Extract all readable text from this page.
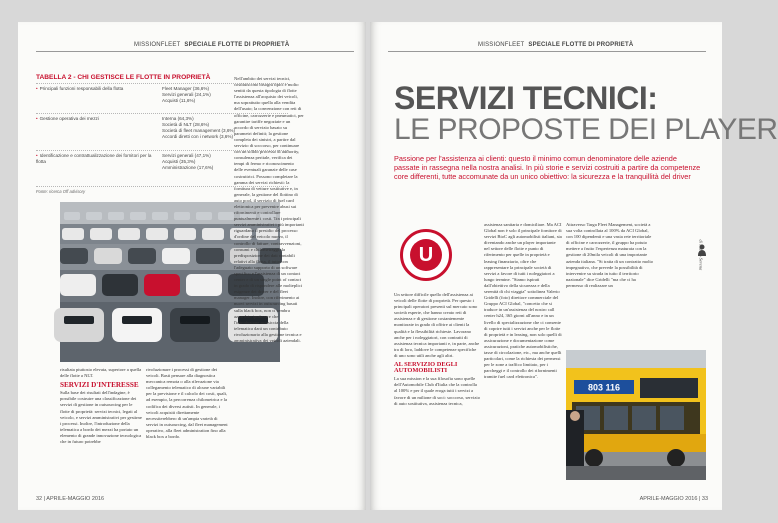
MISSIONFLEET SPECIALE FLOTTE DI PROPRIETÀ
TABELLA 2 - CHI GESTISCE LE FLOTTE IN PROPRIETÀ
• Principali funzioni responsabili della flotta	Fleet Manager (36,6%)
Servizi generali (24,1%)
Acquisti (11,6%)
• Gestione operativa dei mezzi	Interna (64,3%)
Società di NLT (28,6%)
Società di fleet management (3,6%)
Accordi diretti con i network (3,6%)
• Identificazione e contrattualizzazione dei fornitori per la flotta
Servizi generali (47,1%)
Acquisti (35,3%)
Amministrazione (17,6%)
Fonte: ricerca Off advisory

Nell'ambito dei servizi tecnici, costituiscono bisogni tipici e molto sentiti da questa tipologia di flotte l'assistenza all'acquisto dei veicoli, ma soprattutto quella alla vendita dell'usato; la convenzione con reti di officine, carrozzerie e pneumatici, per garantire tariffe negoziate e un accordo di servizio basato su parametri definiti; la gestione completa dei sinistri, a partire dal servizio di soccorso, per continuare con un solido processo di authority, consulenza peritale, verifica dei tempi di fermo e riconoscimento delle eventuali garanzie delle case costruttrici. Possono completare la gamma dei servizi richiesti: la fornitura di vetture sostitutive e, in generale, la gestione del flottino di auto pool, il servizio di fuel card elettronica per prevenire abusi sui rifornimenti e controllare puntualmente i costi. Tra i principali servizi amministrativi i più importanti riguardano il presidio del processo d'ordine del veicolo nuovo, il controllo di fatture, contravvenzioni, consumi e chilometraggi, la predisposizione dei dati contabili relativi alla flotta, il tutto con l'adeguato supporto di un software specifico e l'assistenza di un contact center e di un single point of contact in grado di rispondere alle molteplici esigenze dei driver e del fleet manager. Inoltre, con riferimento ai nuovi servizi in outsourcing basati sulla black box, non ci sembra azzardato ipotizzare che l'introduzione massiccia della telematica dará un contributo rivoluzionario alla gestione tecnica e amministrativa dei veicoli aziendali.

risultata piuttosto elevata, superiore a quella delle flotte a NLT.

SERVIZI D'INTERESSE

Sulla base dei risultati dell'indagine, è possibile costruire una classificazione dei servizi di gestione in outsourcing per le flotte di proprietà: servizi tecnici, legati al veicolo, e servizi amministrativi per gestirne i processi. Inoltre, l'introduzione della telematica a bordo dei mezzi ha portato un elemento di grande innovazione tecnologica che in futuro potrebbe

rivoluzionare i processi di gestione dei veicoli. Basti pensare alla diagnostica meccanica remota o alla rilevazione via collegamento telematico di alcune variabili per la previsione e il calcolo dei costi, quali, ad esempio, la percorrenza chilometrica e la codifica dei diversi autisti. In generale, i veicoli acquisiti direttamente necessiterebbero di un'ampia varietà di servizi in outsourcing, dal fleet management operativo, alla fleet administration fino alla black box a bordo.

32 | APRILE-MAGGIO 2016
MISSIONFLEET SPECIALE FLOTTE DI PROPRIETÀ
SERVIZI TECNICI:
LE PROPOSTE DEI PLAYER
Passione per l'assistenza ai clienti: questo il minimo comun denominatore delle aziende passate in rassegna nella nostra analisi. In più storie e servizi costruiti a partire da competenze core differenti, tutte accomunate da un unico obiettivo: la sicurezza e la tranquillità del driver
U

Un settore difficile quello dell'assistenza ai veicoli delle flotte di proprietà. Per questo i principali operatori presenti sul mercato sono società esperte, che hanno creato reti di assistenza e di gestione costantemente monitorate in grado di offrire ai clienti la qualità e la flessibilità richieste. Lavorano anche per i noleggiatori, con contratti di assistenza tecnica importanti e, in parte, anche tra di loro, laddove le competenze specifiche di uno sono utili anche agli altri.

AL SERVIZIO DEGLI AUTOMOBILISTI

La sua mission e la sua filosofia sono quelle dell'Automobile Club d'Italia che la controlla al 100% e per il quale eroga tutti i servizi a favore di un milione di soci: soccorso, servizio di auto sostitutiva, assistenza tecnica,

assistenza sanitaria e domiciliare. Ma ACI Global non è solo il principale fornitore di servizi BtoC agli automobilisti italiani, sta diventando anche un player importante nel settore delle flotte e punto di riferimento per quelle in proprietà e leasing finanziario, oltre che rappresentare la principale società di servizi a favore di tutti i noleggiatori a lungo termine. "Siamo ispirati dall'obiettivo della sicurezza e della serenità di chi viaggia" sottolinea Valerio Gridelli (foto) direttore commerciale del Gruppo ACI Global, "concetto che si traduce in un'assistenza del nostro call center h24, 365 giorni all'anno e in un livello di specializzazione che ci consente di coprire tutti i servizi anche per le flotte di proprietà e in leasing, non solo quelli di assicurazione e documentazione come assicurazioni, pratiche automobilistiche, tasse di circolazione, etc., ma anche quelli particolari, come la richiesta dei permessi per le zone a traffico limitato, per i parcheggi e il controllo dei rifornimenti tramite fuel card elettronica".

Attraverso Targa Fleet Management, società a sua volta controllata al 100% da ACI Global, con 100 dipendenti e una vasta rete territoriale di officine e carrozzerie, il gruppo ha potuto mettere a frutto l'esperienza maturata con la gestione di 20mila veicoli di una importante azienda italiana. "Si tratta di un contratto molto impegnativo, che prevede la possibilità di intervenire su strada in tutto il territorio nazionale" dice Gridelli "ma che ci ha permesso di realizzare un

di Mauro Serena
803 116
APRILE-MAGGIO 2016 | 33
